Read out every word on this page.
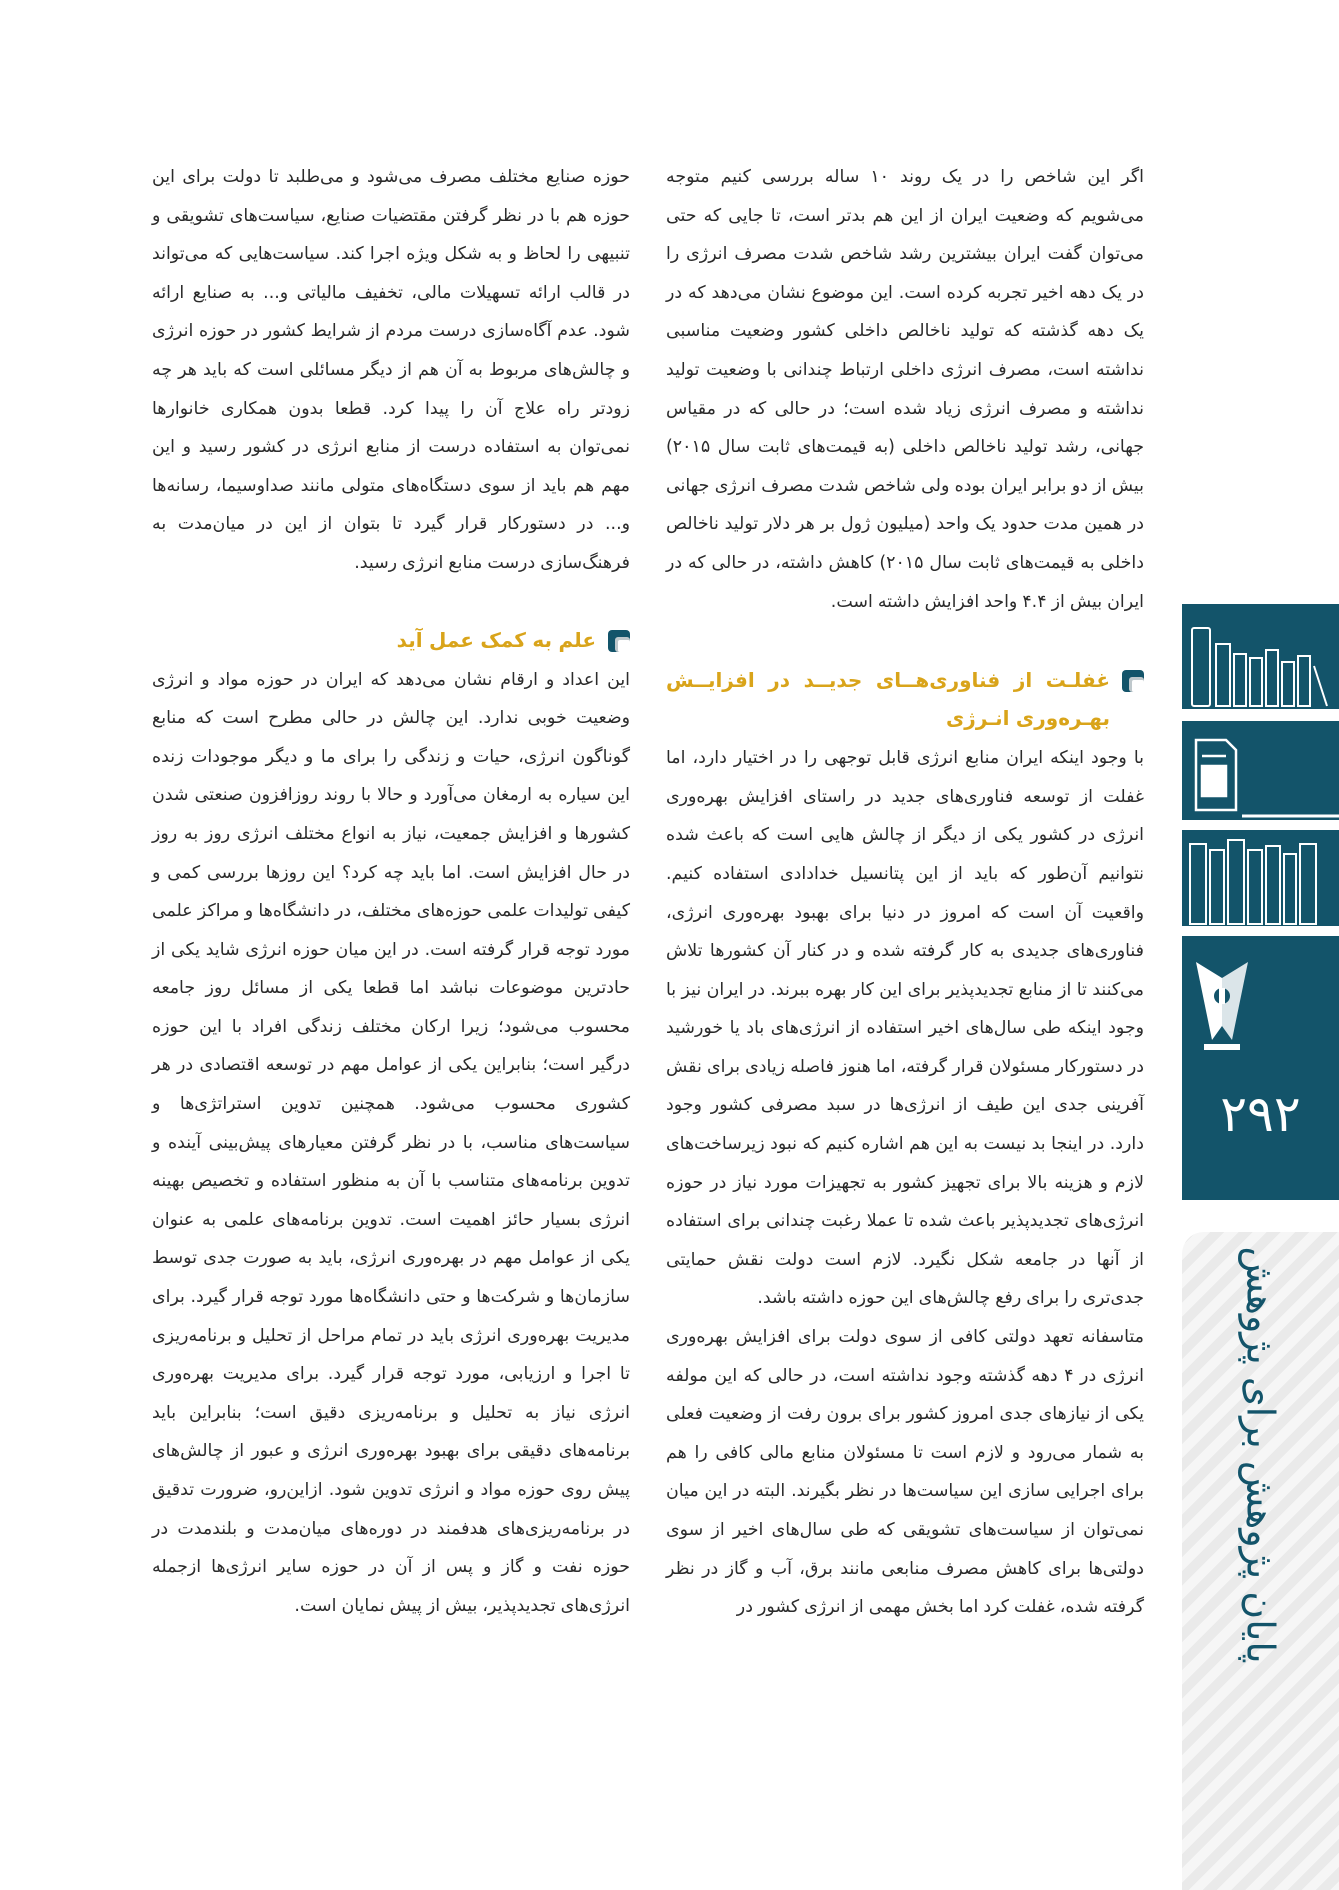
اگر این شاخص را در یک روند ۱۰ ساله بررسی کنیم متوجه می‌شویم که وضعیت ایران از این هم بدتر است، تا جایی که حتی می‌توان گفت ایران بیشترین رشد شاخص شدت مصرف انرژی را در یک دهه اخیر تجربه کرده است. این موضوع نشان می‌دهد که در یک دهه گذشته که تولید ناخالص داخلی کشور وضعیت مناسبی نداشته است، مصرف انرژی داخلی ارتباط چندانی با وضعیت تولید نداشته و مصرف انرژی زیاد شده است؛ در حالی که در مقیاس جهانی، رشد تولید ناخالص داخلی (به قیمت‌های ثابت سال ۲۰۱۵) بیش از دو برابر ایران بوده ولی شاخص شدت مصرف انرژی جهانی در همین مدت حدود یک واحد (میلیون ژول بر هر دلار تولید ناخالص داخلی به قیمت‌های ثابت سال ۲۰۱۵) کاهش داشته، در حالی که در ایران بیش از ۴.۴ واحد افزایش داشته است.

غفلـت از فناوری‌هــای جدیــد در افزایــش بهـره‌وری انـرژی

با وجود اینکه ایران منابع انرژی قابل توجهی را در اختیار دارد، اما غفلت از توسعه فناوری‌های جدید در راستای افزایش بهره‌وری انرژی در کشور یکی از دیگر از چالش هایی است که باعث شده نتوانیم آن‌طور که باید از این پتانسیل خدادادی استفاده کنیم. واقعیت آن است که امروز در دنیا برای بهبود بهره‌وری انرژی، فناوری‌های جدیدی به کار گرفته شده و در کنار آن کشورها تلاش می‌کنند تا از منابع تجدیدپذیر برای این کار بهره ببرند. در ایران نیز با وجود اینکه طی سال‌های اخیر استفاده از انرژی‌های باد یا خورشید در دستورکار مسئولان قرار گرفته، اما هنوز فاصله زیادی برای نقش آفرینی جدی این طیف از انرژی‌ها در سبد مصرفی کشور وجود دارد. در اینجا بد نیست به این هم اشاره کنیم که نبود زیرساخت‌های لازم و هزینه بالا برای تجهیز کشور به تجهیزات مورد نیاز در حوزه انرژی‌های تجدیدپذیر باعث شده تا عملا رغبت چندانی برای استفاده از آنها در جامعه شکل نگیرد. لازم است دولت نقش حمایتی جدی‌تری را برای رفع چالش‌های این حوزه داشته باشد.

متاسفانه تعهد دولتی کافی از سوی دولت برای افزایش بهره‌وری انرژی در ۴ دهه گذشته وجود نداشته است، در حالی که این مولفه یکی از نیازهای جدی امروز کشور برای برون رفت از وضعیت فعلی به شمار می‌رود و لازم است تا مسئولان منابع مالی کافی را هم برای اجرایی سازی این سیاست‌ها در نظر بگیرند. البته در این میان نمی‌توان از سیاست‌های تشویقی که طی سال‌های اخیر از سوی دولتی‌ها برای کاهش مصرف منابعی مانند برق، آب و گاز در نظر گرفته شده، غفلت کرد اما بخش مهمی از انرژی کشور در

حوزه صنایع مختلف مصرف می‌شود و می‌طلبد تا دولت برای این حوزه هم با در نظر گرفتن مقتضیات صنایع، سیاست‌های تشویقی و تنبیهی را لحاظ و به شکل ویژه اجرا کند. سیاست‌هایی که می‌تواند در قالب ارائه تسهیلات مالی، تخفیف مالیاتی و... به صنایع ارائه شود. عدم آگاه‌سازی درست مردم از شرایط کشور در حوزه انرژی و چالش‌های مربوط به آن هم از دیگر مسائلی است که باید هر چه زودتر راه علاج آن را پیدا کرد. قطعا بدون همکاری خانوارها نمی‌توان به استفاده درست از منابع انرژی در کشور رسید و این مهم هم باید از سوی دستگاه‌های متولی مانند صداوسیما، رسانه‌ها و... در دستورکار قرار گیرد تا بتوان از این در میان‌مدت به فرهنگ‌سازی درست منابع انرژی رسید.

علم به کمک عمل آید

این اعداد و ارقام نشان می‌دهد که ایران در حوزه مواد و انرژی وضعیت خوبی ندارد. این چالش در حالی مطرح است که منابع گوناگون انرژی، حیات و زندگی را برای ما و دیگر موجودات زنده این سیاره به ارمغان می‌آورد و حالا با روند روزافزون صنعتی شدن کشورها و افزایش جمعیت، نیاز به انواع مختلف انرژی روز به روز در حال افزایش است. اما باید چه کرد؟ این روزها بررسی کمی و کیفی تولیدات علمی حوزه‌های مختلف، در دانشگاه‌ها و مراکز علمی مورد توجه قرار گرفته است. در این میان حوزه انرژی شاید یکی از حادترین موضوعات نباشد اما قطعا یکی از مسائل روز جامعه محسوب می‌شود؛ زیرا ارکان مختلف زندگی افراد با این حوزه درگیر است؛ بنابراین یکی از عوامل مهم در توسعه اقتصادی در هر کشوری محسوب می‌شود. همچنین تدوین استراتژی‌ها و سیاست‌های مناسب، با در نظر گرفتن معیارهای پیش‌بینی آینده و تدوین برنامه‌های متناسب با آن به منظور استفاده و تخصیص بهینه انرژی بسیار حائز اهمیت است. تدوین برنامه‌های علمی به عنوان یکی از عوامل مهم در بهره‌وری انرژی، باید به صورت جدی توسط سازمان‌ها و شرکت‌ها و حتی دانشگاه‌ها مورد توجه قرار گیرد. برای مدیریت بهره‌وری انرژی باید در تمام مراحل از تحلیل و برنامه‌ریزی تا اجرا و ارزیابی، مورد توجه قرار گیرد. برای مدیریت بهره‌وری انرژی نیاز به تحلیل و برنامه‌ریزی دقیق است؛ بنابراین باید برنامه‌های دقیقی برای بهبود بهره‌وری انرژی و عبور از چالش‌های پیش روی حوزه مواد و انرژی تدوین شود. ازاین‌رو، ضرورت تدقیق در برنامه‌ریزی‌های هدفمند در دوره‌های میان‌مدت و بلندمدت در حوزه نفت و گاز و پس از آن در حوزه سایر انرژی‌ها ازجمله انرژی‌های تجدیدپذیر، بیش از پیش نمایان است.

۲۹۲
پایان پژوهش برای پژوهش
